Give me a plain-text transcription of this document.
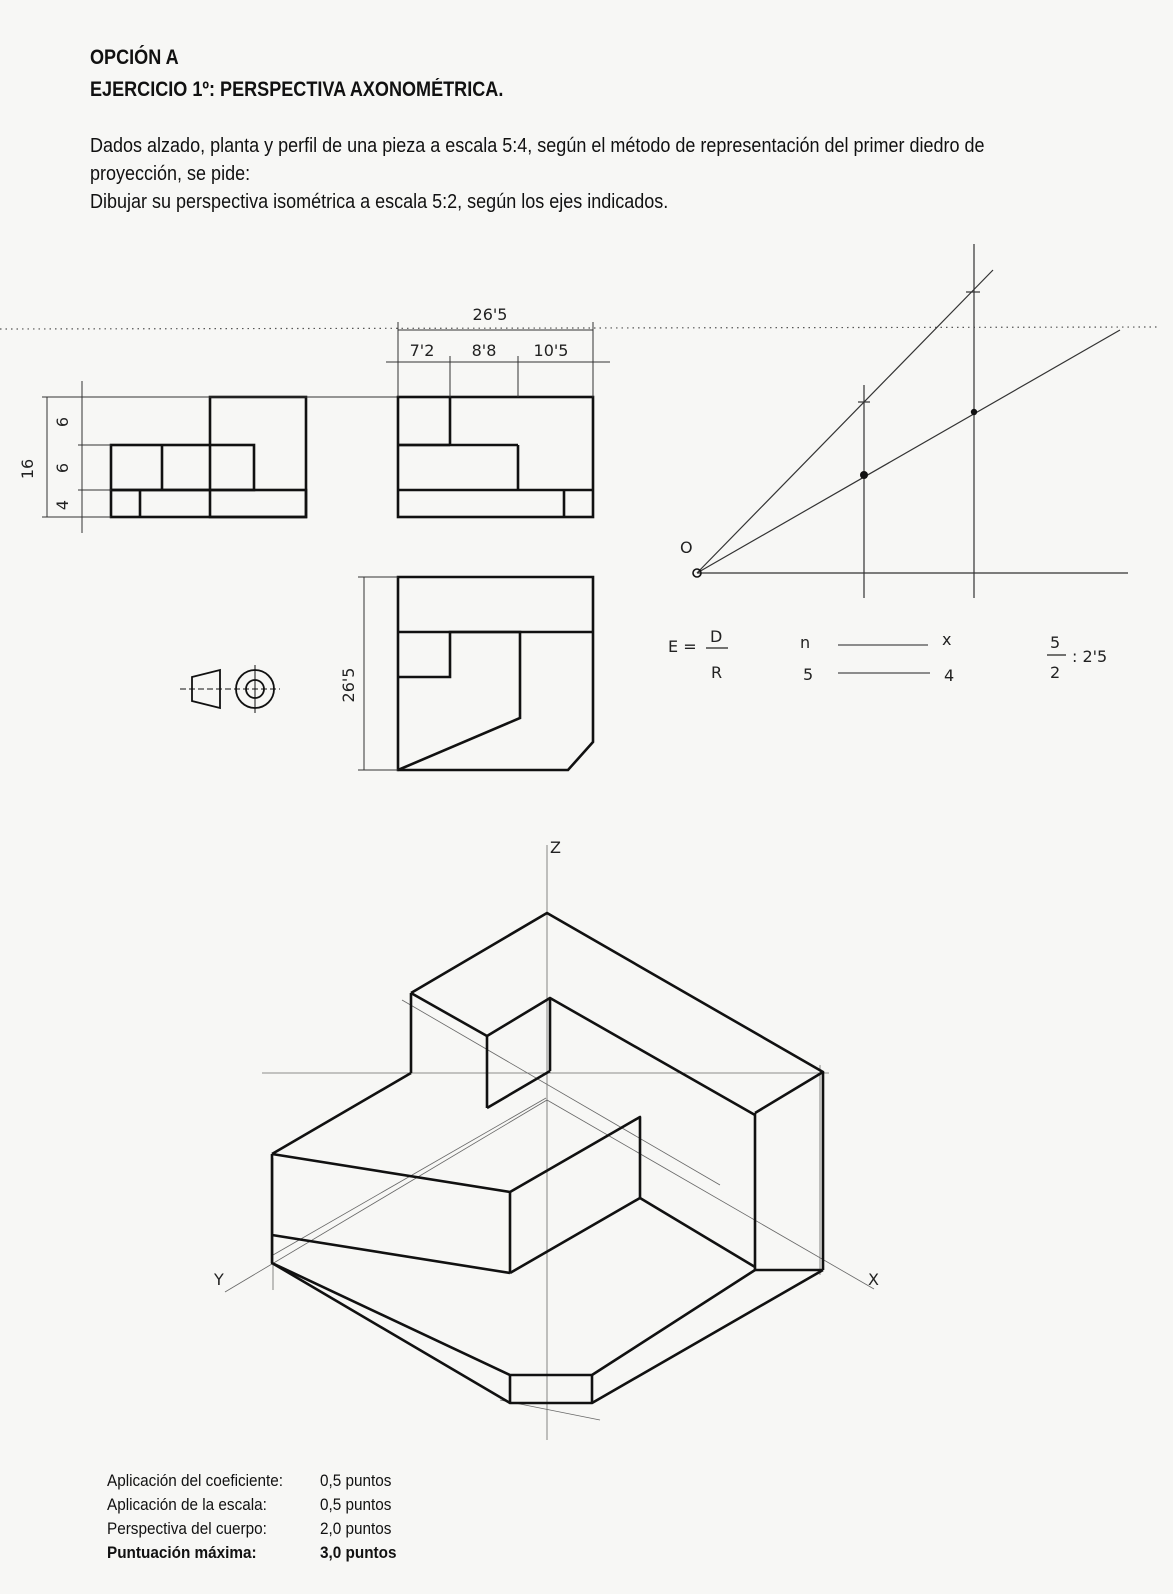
OPCIÓN A
EJERCICIO 1º: PERSPECTIVA AXONOMÉTRICA.
Dados alzado, planta y perfil de una pieza a escala 5:4, según el método de representación del primer diedro de
proyección, se pide:
Dibujar su perspectiva isométrica a escala 5:2, según los ejes indicados.
16
6
6
4
26'5
7'2 8'8 10'5
26'5
O
E =
D
R
n	x
5	4
5
2
: 2'5
Z
X
Y
Aplicación del coeficiente:	0,5 puntos
Aplicación de la escala:	0,5 puntos
Perspectiva del cuerpo:	2,0 puntos
Puntuación máxima:	3,0 puntos
